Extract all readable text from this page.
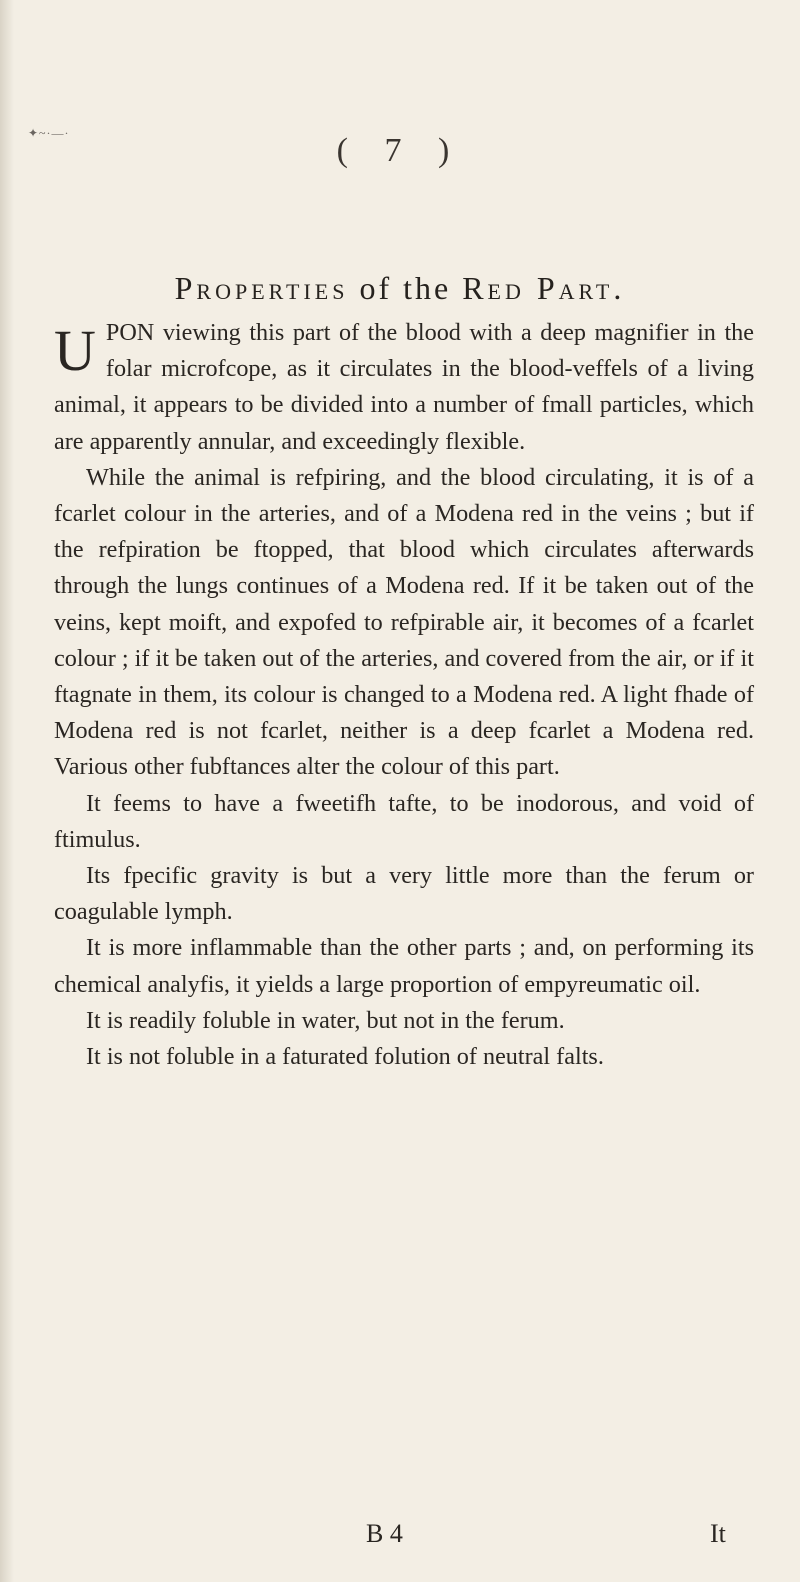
✦~·—·	( 7 )
Properties of the Red Part.

UPON viewing this part of the blood with a deep magnifier in the folar microfcope, as it circulates in the blood-veffels of a living animal, it appears to be divided into a number of fmall particles, which are apparently annular, and exceedingly flexible.

While the animal is refpiring, and the blood circulating, it is of a fcarlet colour in the arteries, and of a Modena red in the veins ; but if the refpiration be ftopped, that blood which circulates afterwards through the lungs continues of a Modena red. If it be taken out of the veins, kept moift, and expofed to refpirable air, it becomes of a fcarlet colour ; if it be taken out of the arteries, and covered from the air, or if it ftagnate in them, its colour is changed to a Modena red. A light fhade of Modena red is not fcarlet, neither is a deep fcarlet a Modena red. Various other fubftances alter the colour of this part.

It feems to have a fweetifh tafte, to be inodorous, and void of ftimulus.

Its fpecific gravity is but a very little more than the ferum or coagulable lymph.

It is more inflammable than the other parts ; and, on performing its chemical analyfis, it yields a large proportion of empyreumatic oil.

It is readily foluble in water, but not in the ferum.

It is not foluble in a faturated folution of neutral falts.

B 4	It
